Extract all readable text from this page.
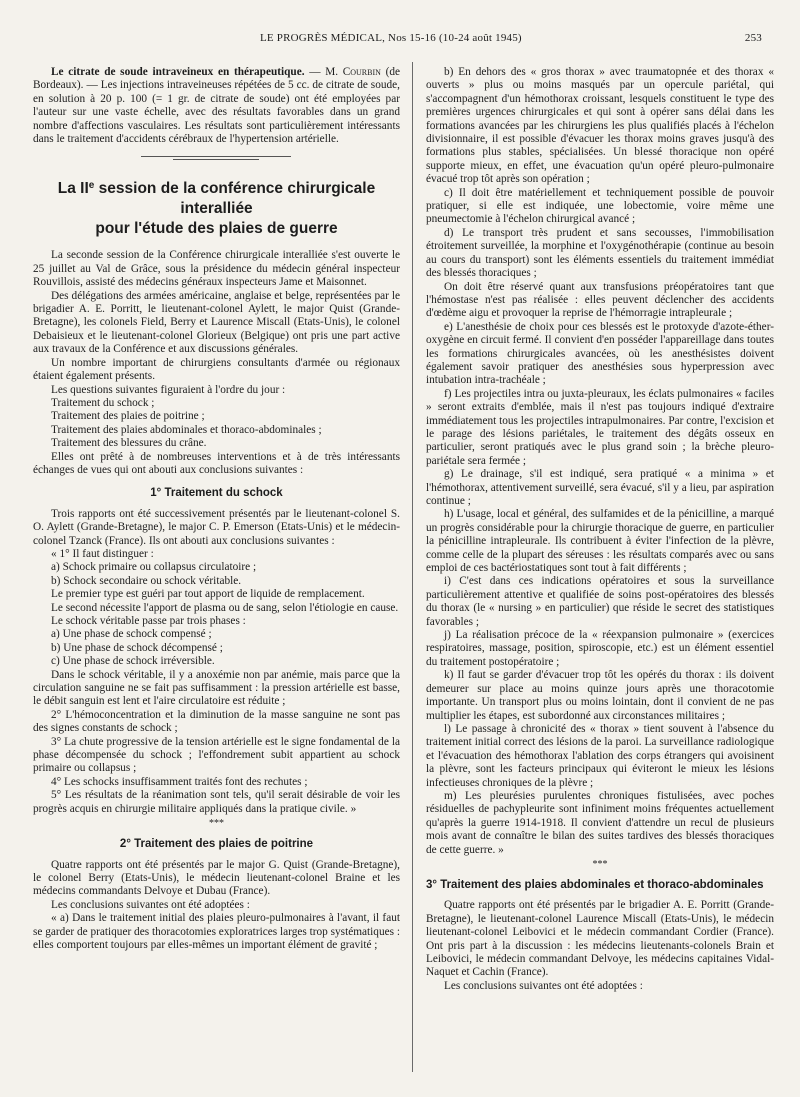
LE PROGRÈS MÉDICAL, Nos 15-16 (10-24 août 1945)	253

Le citrate de soude intraveineux en thérapeutique. — M. Courbin (de Bordeaux). — Les injections intraveineuses répétées de 5 cc. de citrate de soude, en solution à 20 p. 100 (= 1 gr. de citrate de soude) ont été employées par l'auteur sur une vaste échelle, avec des résultats favorables dans un grand nombre d'affections vasculaires. Les résultats sont particulièrement intéressants dans le traitement d'accidents cérébraux de l'hypertension artérielle.

La IIe session de la conférence chirurgicale interalliée
pour l'étude des plaies de guerre

La seconde session de la Conférence chirurgicale interalliée s'est ouverte le 25 juillet au Val de Grâce, sous la présidence du médecin général inspecteur Rouvillois, assisté des médecins généraux inspecteurs Jame et Maisonnet.

Des délégations des armées américaine, anglaise et belge, représentées par le brigadier A. E. Porritt, le lieutenant-colonel Aylett, le major Quist (Grande-Bretagne), les colonels Field, Berry et Laurence Miscall (Etats-Unis), le colonel Debaisieux et le lieutenant-colonel Glorieux (Belgique) ont pris une part active aux travaux de la Conférence et aux discussions générales.

Un nombre important de chirurgiens consultants d'armée ou régionaux étaient également présents.

Les questions suivantes figuraient à l'ordre du jour :

Traitement du schock ;

Traitement des plaies de poitrine ;

Traitement des plaies abdominales et thoraco-abdominales ;

Traitement des blessures du crâne.

Elles ont prêté à de nombreuses interventions et à de très intéressants échanges de vues qui ont abouti aux conclusions suivantes :

1° Traitement du schock

Trois rapports ont été successivement présentés par le lieutenant-colonel S. O. Aylett (Grande-Bretagne), le major C. P. Emerson (Etats-Unis) et le médecin-colonel Tzanck (France). Ils ont abouti aux conclusions suivantes :

« 1° Il faut distinguer :

a) Schock primaire ou collapsus circulatoire ;

b) Schock secondaire ou schock véritable.

Le premier type est guéri par tout apport de liquide de remplacement.

Le second nécessite l'apport de plasma ou de sang, selon l'étiologie en cause.

Le schock véritable passe par trois phases :

a) Une phase de schock compensé ;

b) Une phase de schock décompensé ;

c) Une phase de schock irréversible.

Dans le schock véritable, il y a anoxémie non par anémie, mais parce que la circulation sanguine ne se fait pas suffisamment : la pression artérielle est basse, le débit sanguin est lent et l'aire circulatoire est réduite ;

2° L'hémoconcentration et la diminution de la masse sanguine ne sont pas des signes constants de schock ;

3° La chute progressive de la tension artérielle est le signe fondamental de la phase décompensée du schock ; l'effondrement subit appartient au schock primaire ou collapsus ;

4° Les schocks insuffisamment traités font des rechutes ;

5° Les résultats de la réanimation sont tels, qu'il serait désirable de voir les progrès acquis en chirurgie militaire appliqués dans la pratique civile. »

***
2° Traitement des plaies de poitrine

Quatre rapports ont été présentés par le major G. Quist (Grande-Bretagne), le colonel Berry (Etats-Unis), le médecin lieutenant-colonel Braine et les médecins commandants Delvoye et Dubau (France).

Les conclusions suivantes ont été adoptées :

« a) Dans le traitement initial des plaies pleuro-pulmonaires à l'avant, il faut se garder de pratiquer des thoracotomies exploratrices larges trop systématiques : elles comportent toujours par elles-mêmes un important élément de gravité ;

b) En dehors des « gros thorax » avec traumatopnée et des thorax « ouverts » plus ou moins masqués par un opercule pariétal, qui s'accompagnent d'un hémothorax croissant, lesquels constituent le type des premières urgences chirurgicales et qui sont à opérer sans délai dans les formations avancées par les chirurgiens les plus qualifiés placés à l'échelon divisionnaire, il est possible d'évacuer les thorax moins graves jusqu'à des formations plus stables, spécialisées. Un blessé thoracique non opéré supporte mieux, en effet, une évacuation qu'un opéré pleuro-pulmonaire évacué trop tôt après son opération ;

c) Il doit être matériellement et techniquement possible de pouvoir pratiquer, si elle est indiquée, une lobectomie, voire même une pneumectomie à l'échelon chirurgical avancé ;

d) Le transport très prudent et sans secousses, l'immobilisation étroitement surveillée, la morphine et l'oxygénothérapie (continue au besoin au cours du transport) sont les éléments essentiels du traitement immédiat des blessés thoraciques ;

On doit être réservé quant aux transfusions préopératoires tant que l'hémostase n'est pas réalisée : elles peuvent déclencher des accidents d'œdème aigu et provoquer la reprise de l'hémorragie intrapleurale ;

e) L'anesthésie de choix pour ces blessés est le protoxyde d'azote-éther-oxygène en circuit fermé. Il convient d'en posséder l'appareillage dans toutes les formations chirurgicales avancées, où les anesthésistes doivent également savoir pratiquer des anesthésies sous hyperpression avec intubation intra-trachéale ;

f) Les projectiles intra ou juxta-pleuraux, les éclats pulmonaires « faciles » seront extraits d'emblée, mais il n'est pas toujours indiqué d'extraire immédiatement tous les projectiles intrapulmonaires. Par contre, l'excision et le parage des lésions pariétales, le traitement des dégâts osseux en particulier, seront pratiqués avec le plus grand soin ; la brèche pleuro-pariétale sera fermée ;

g) Le drainage, s'il est indiqué, sera pratiqué « a minima » et l'hémothorax, attentivement surveillé, sera évacué, s'il y a lieu, par aspiration continue ;

h) L'usage, local et général, des sulfamides et de la pénicilline, a marqué un progrès considérable pour la chirurgie thoracique de guerre, en particulier la pénicilline intrapleurale. Ils contribuent à éviter l'infection de la plèvre, comme celle de la plupart des séreuses : les résultats comparés avec ou sans emploi de ces bactériostatiques sont tout à fait différents ;

i) C'est dans ces indications opératoires et sous la surveillance particulièrement attentive et qualifiée de soins post-opératoires des blessés du thorax (le « nursing » en particulier) que réside le secret des statistiques favorables ;

j) La réalisation précoce de la « réexpansion pulmonaire » (exercices respiratoires, massage, position, spiroscopie, etc.) est un élément essentiel du traitement postopératoire ;

k) Il faut se garder d'évacuer trop tôt les opérés du thorax : ils doivent demeurer sur place au moins quinze jours après une thoracotomie importante. Un transport plus ou moins lointain, dont il convient de ne pas multiplier les étapes, est subordonné aux circonstances militaires ;

l) Le passage à chronicité des « thorax » tient souvent à l'absence du traitement initial correct des lésions de la paroi. La surveillance radiologique et l'évacuation des hémothorax l'ablation des corps étrangers qui avoisinent la plèvre, sont les facteurs principaux qui éviteront le mieux les lésions infectieuses chroniques de la plèvre ;

m) Les pleurésies purulentes chroniques fistulisées, avec poches résiduelles de pachypleurite sont infiniment moins fréquentes actuellement qu'après la guerre 1914-1918. Il convient d'attendre un recul de plusieurs mois avant de connaître le bilan des suites tardives des blessés thoraciques de cette guerre. »

***
3° Traitement des plaies abdominales et thoraco-abdominales

Quatre rapports ont été présentés par le brigadier A. E. Porritt (Grande-Bretagne), le lieutenant-colonel Laurence Miscall (Etats-Unis), le médecin lieutenant-colonel Leibovici et le médecin commandant Cordier (France). Ont pris part à la discussion : les médecins lieutenants-colonels Brain et Leibovici, le médecin commandant Delvoye, les médecins capitaines Vidal-Naquet et Cachin (France).

Les conclusions suivantes ont été adoptées :
